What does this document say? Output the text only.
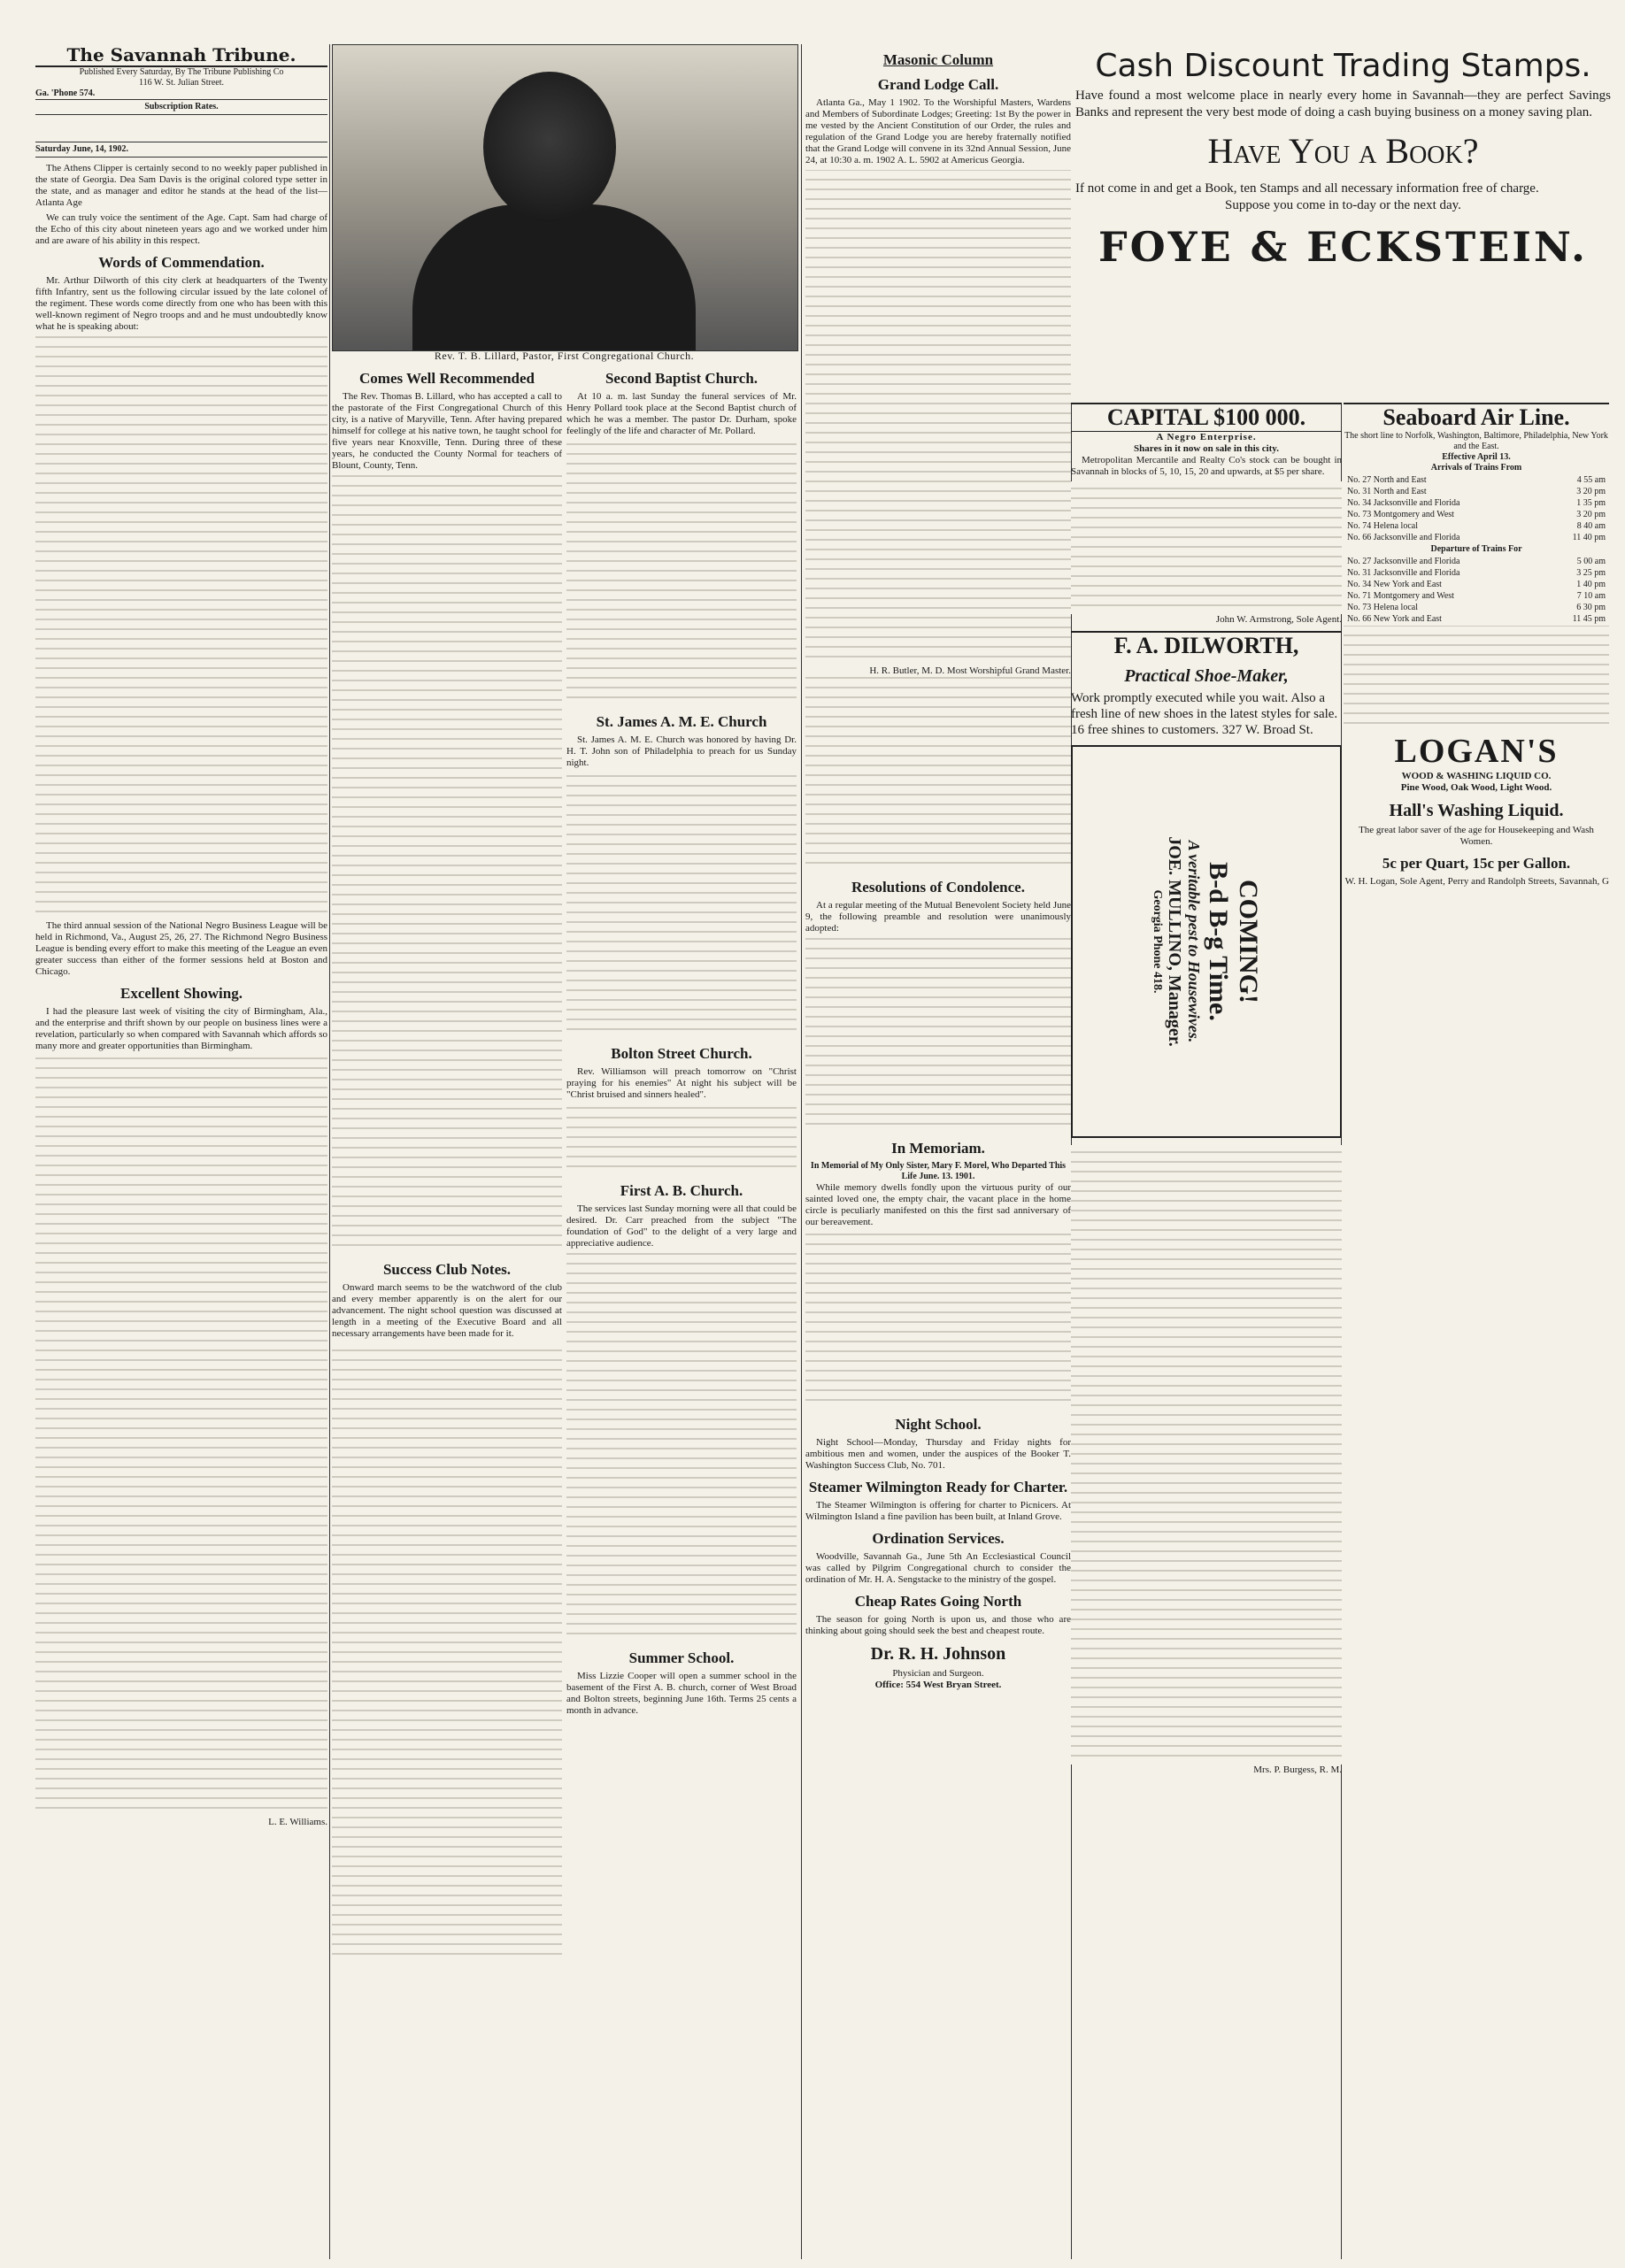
The Savannah Tribune.
Published Every Saturday, By The Tribune Publishing Co
116 W. St. Julian Street.
Ga. 'Phone 574.
Subscription Rates.
Saturday June, 14, 1902.

The Athens Clipper is certainly second to no weekly paper published in the state of Georgia. Dea Sam Davis is the original colored type setter in the state, and as manager and editor he stands at the head of the list—Atlanta Age

We can truly voice the sentiment of the Age. Capt. Sam had charge of the Echo of this city about nineteen years ago and we worked under him and are aware of his ability in this respect.

Words of Commendation.

Mr. Arthur Dilworth of this city clerk at headquarters of the Twenty fifth Infantry, sent us the following circular issued by the late colonel of the regiment. These words come directly from one who has been with this well-known regiment of Negro troops and and he must undoubtedly know what he is speaking about:

The third annual session of the National Negro Business League will be held in Richmond, Va., August 25, 26, 27. The Richmond Negro Business League is bending every effort to make this meeting of the League an even greater success than either of the former sessions held at Boston and Chicago.

Excellent Showing.

I had the pleasure last week of visiting the city of Birmingham, Ala., and the enterprise and thrift shown by our people on business lines were a revelation, particularly so when compared with Savannah which affords so many more and greater opportunities than Birmingham.

L. E. Williams.
Rev. T. B. Lillard, Pastor, First Congregational Church.
Comes Well Recommended

The Rev. Thomas B. Lillard, who has accepted a call to the pastorate of the First Congregational Church of this city, is a native of Maryville, Tenn. After having prepared himself for college at his native town, he taught school for five years near Knoxville, Tenn. During three of these years, he conducted the County Normal for teachers of Blount, County, Tenn.

Success Club Notes.

Onward march seems to be the watchword of the club and every member apparently is on the alert for our advancement. The night school question was discussed at length in a meeting of the Executive Board and all necessary arrangements have been made for it.

Second Baptist Church.

At 10 a. m. last Sunday the funeral services of Mr. Henry Pollard took place at the Second Baptist church of which he was a member. The pastor Dr. Durham, spoke feelingly of the life and character of Mr. Pollard.

St. James A. M. E. Church

St. James A. M. E. Church was honored by having Dr. H. T. John son of Philadelphia to preach for us Sunday night.

Bolton Street Church.

Rev. Williamson will preach tomorrow on "Christ praying for his enemies" At night his subject will be "Christ bruised and sinners healed".

First A. B. Church.

The services last Sunday morning were all that could be desired. Dr. Carr preached from the subject "The foundation of God" to the delight of a very large and appreciative audience.

Summer School.

Miss Lizzie Cooper will open a summer school in the basement of the First A. B. church, corner of West Broad and Bolton streets, beginning June 16th. Terms 25 cents a month in advance.

Masonic Column
Grand Lodge Call.

Atlanta Ga., May 1 1902. To the Worshipful Masters, Wardens and Members of Subordinate Lodges; Greeting: 1st By the power in me vested by the Ancient Constitution of our Order, the rules and regulation of the Grand Lodge you are hereby fraternally notified that the Grand Lodge will convene in its 32nd Annual Session, June 24, at 10:30 a. m. 1902 A. L. 5902 at Americus Georgia.

H. R. Butler, M. D. Most Worshipful Grand Master.
Resolutions of Condolence.

At a regular meeting of the Mutual Benevolent Society held June 9, the following preamble and resolution were unanimously adopted:

In Memoriam.
In Memorial of My Only Sister, Mary F. Morel, Who Departed This Life June. 13. 1901.

While memory dwells fondly upon the virtuous purity of our sainted loved one, the empty chair, the vacant place in the home circle is peculiarly manifested on this the first sad anniversary of our bereavement.

Night School.

Night School—Monday, Thursday and Friday nights for ambitious men and women, under the auspices of the Booker T. Washington Success Club, No. 701.

Steamer Wilmington Ready for Charter.

The Steamer Wilmington is offering for charter to Picnicers. At Wilmington Island a fine pavilion has been built, at Inland Grove.

Ordination Services.

Woodville, Savannah Ga., June 5th An Ecclesiastical Council was called by Pilgrim Congregational church to consider the ordination of Mr. H. A. Sengstacke to the ministry of the gospel.

Cheap Rates Going North

The season for going North is upon us, and those who are thinking about going should seek the best and cheapest route.

Dr. R. H. Johnson
Physician and Surgeon.
Office: 554 West Bryan Street.
Cash Discount Trading Stamps.
Have found a most welcome place in nearly every home in Savannah—they are perfect Savings Banks and represent the very best mode of doing a cash buying business on a money saving plan.
Have You a Book?
If not come in and get a Book, ten Stamps and all necessary information free of charge.
Suppose you come in to-day or the next day.
FOYE & ECKSTEIN.
CAPITAL $100 000.
A Negro Enterprise.
Shares in it now on sale in this city.

Metropolitan Mercantile and Realty Co's stock can be bought in Savannah in blocks of 5, 10, 15, 20 and upwards, at $5 per share.

John W. Armstrong, Sole Agent.
F. A. DILWORTH,
Practical Shoe-Maker,
Work promptly executed while you wait. Also a fresh line of new shoes in the latest styles for sale. 16 free shines to customers. 327 W. Broad St.
COMING!
B-d B-g Time.
A veritable pest to Housewives.
JOE. MULLINO, Manager.
Georgia Phone 418.
Mrs. P. Burgess, R. M.
Seaboard Air Line.
The short line to Norfolk, Washington, Baltimore, Philadelphia, New York and the East.
Effective April 13.
Arrivals of Trains From
No. 27 North and East	4 55 am
No. 31 North and East	3 20 pm
No. 34 Jacksonville and Florida	1 35 pm
No. 73 Montgomery and West	3 20 pm
No. 74 Helena local	8 40 am
No. 66 Jacksonville and Florida	11 40 pm
Departure of Trains For
No. 27 Jacksonville and Florida	5 00 am
No. 31 Jacksonville and Florida	3 25 pm
No. 34 New York and East	1 40 pm
No. 71 Montgomery and West	7 10 am
No. 73 Helena local	6 30 pm
No. 66 New York and East	11 45 pm
LOGAN'S
WOOD & WASHING LIQUID CO.
Pine Wood, Oak Wood, Light Wood.
Hall's Washing Liquid.
The great labor saver of the age for Housekeeping and Wash Women.
5c per Quart, 15c per Gallon.
W. H. Logan, Sole Agent, Perry and Randolph Streets, Savannah, G
